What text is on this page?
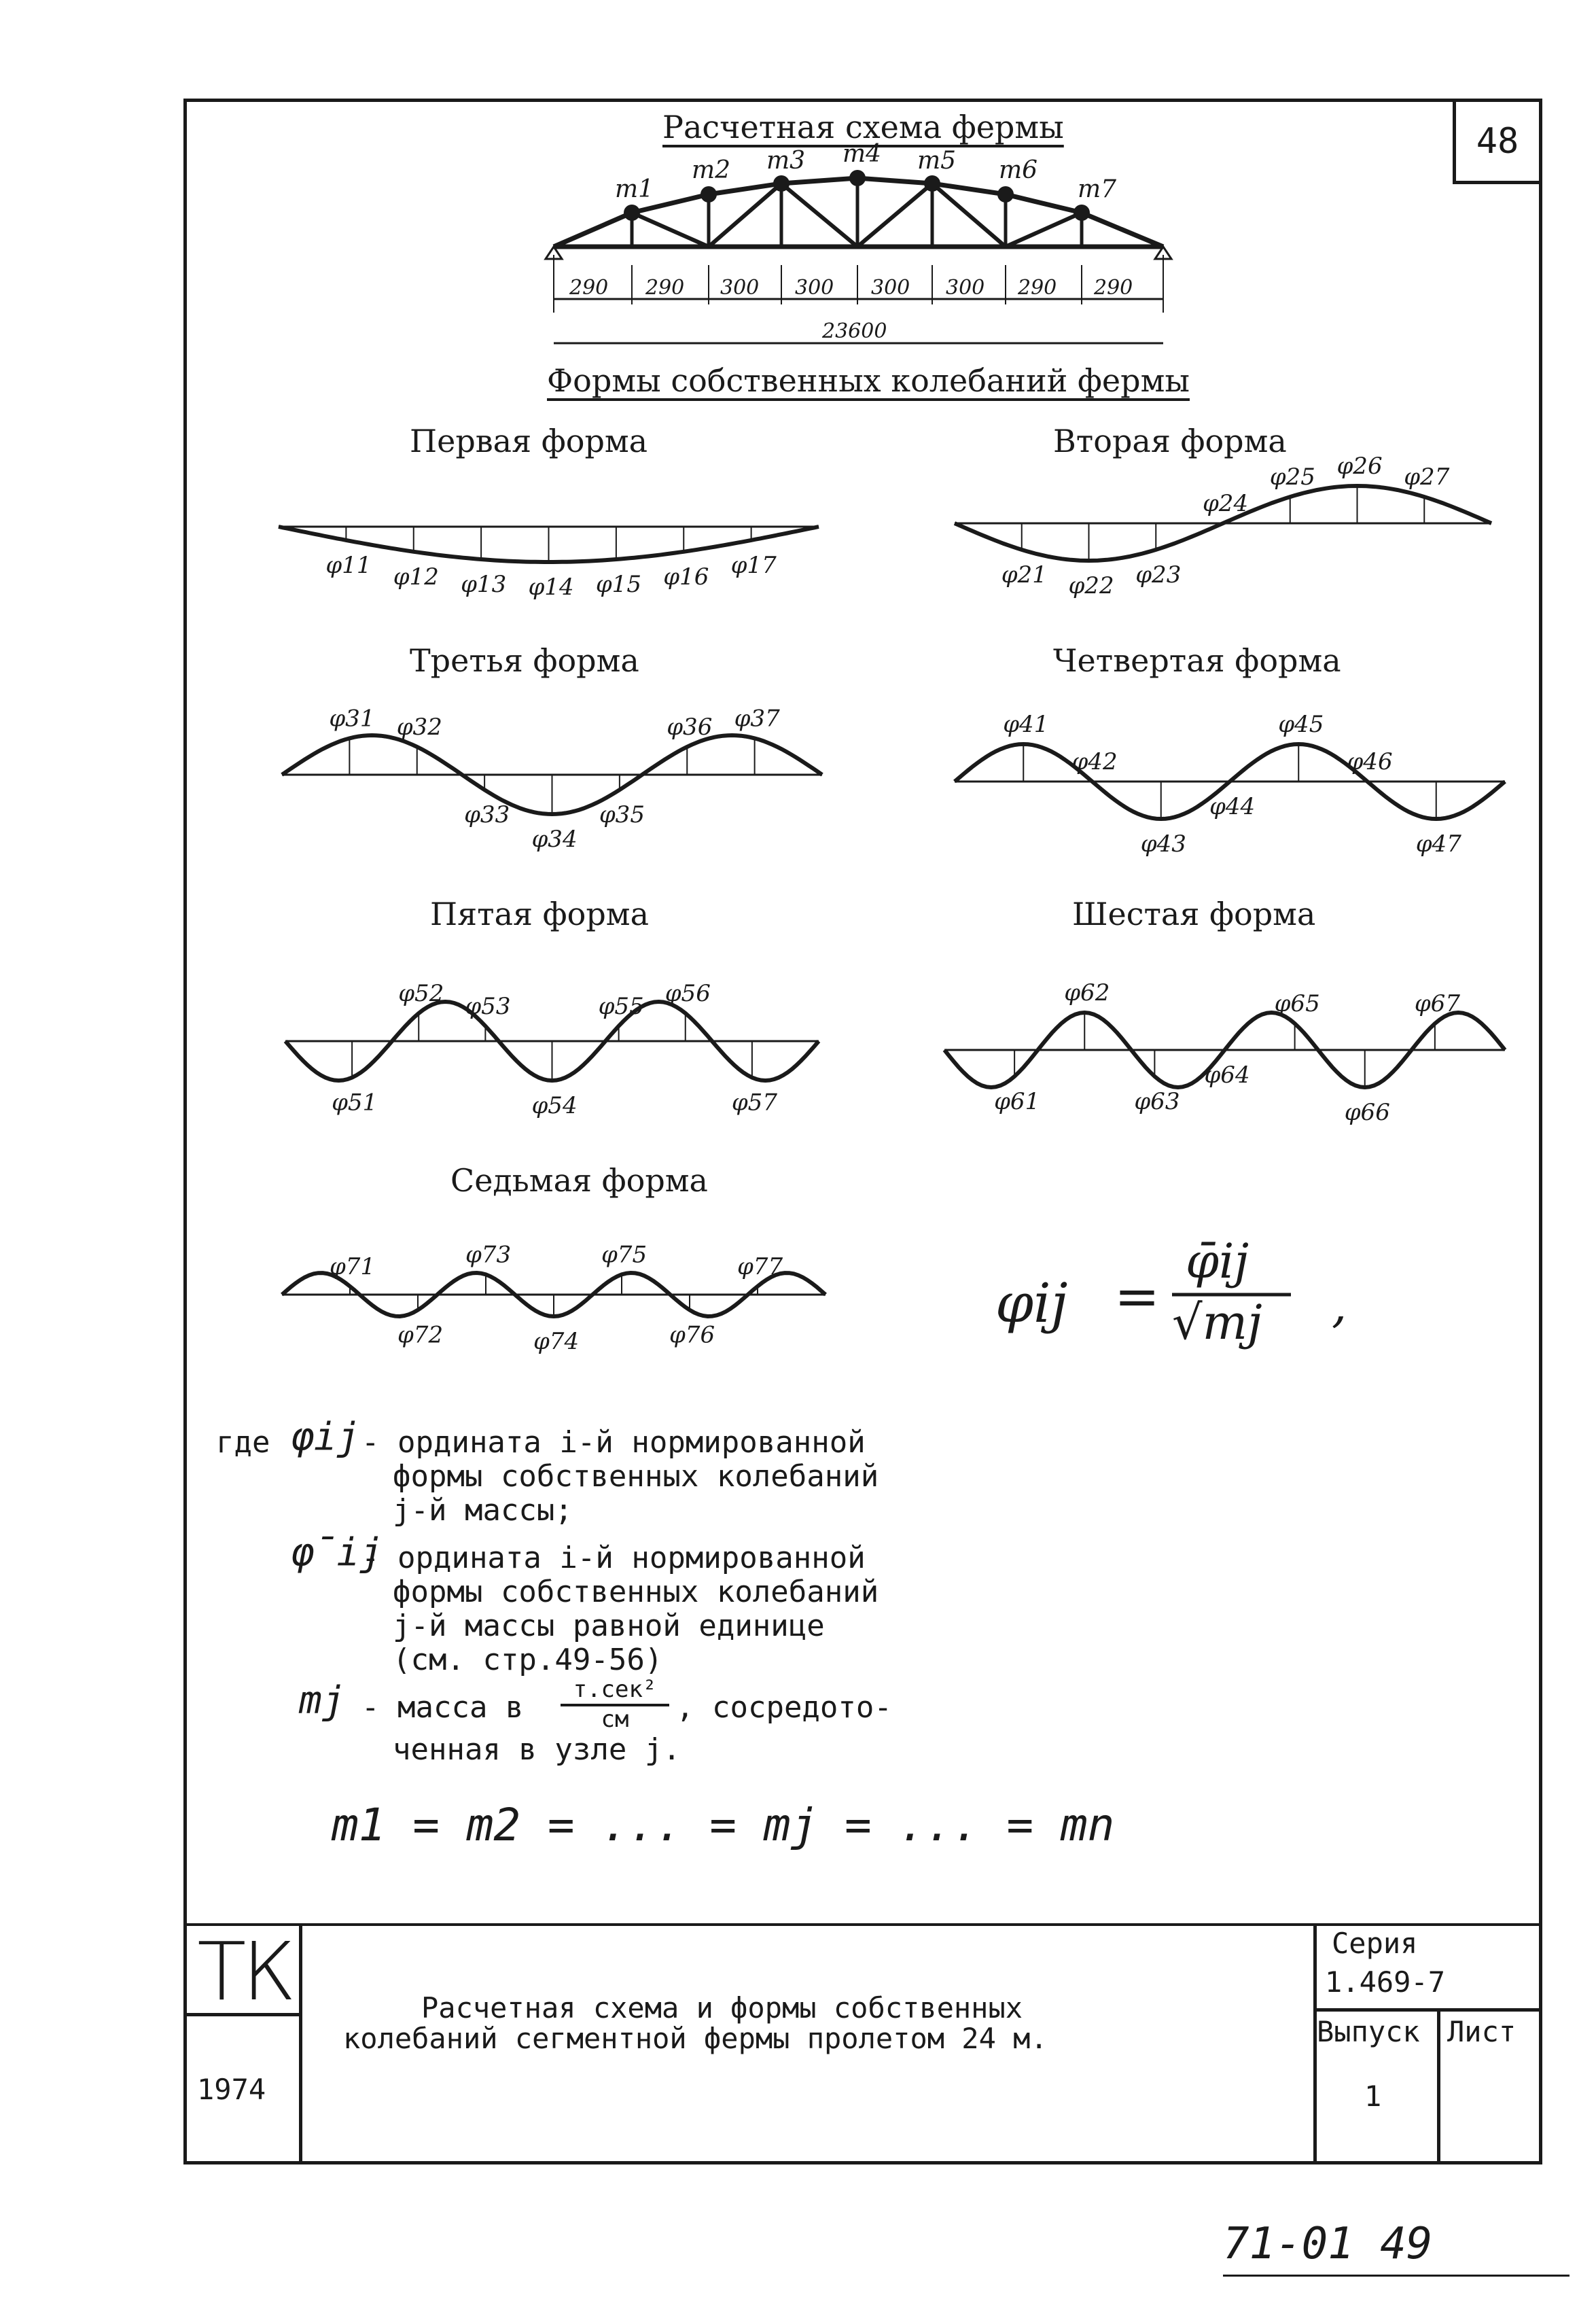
48
Расчетная схема фермы
m1
m2 m3 m4 m5 m6
m7
290 290 300 300 300 300 290 290
23600
φ11 φ12 φ13 φ14 φ15 φ16 φ17	φ21 φ22 φ23
φ24
φ25 φ26 φ27
φ31 φ32
φ33
φ34
φ35
φ36 φ37	φ41
φ42
φ43
φ44
φ45
φ46
φ47
φ51
φ52 φ53
φ54
φ55 φ56
φ57	φ61
φ62
φ63
φ64
φ65
φ66
φ67
φ71
φ72
φ73
φ74
φ75
φ76
φ77
φij =
φ̄ij
√mj ,
Формы собственных колебаний фермы
Первая форма	Вторая форма
Третья форма	Четвертая форма
Пятая форма	Шестая форма
Седьмая форма
где φij - ордината i-й нормированной
формы собственных колебаний
j-й массы;
φ̄ij
- ордината i-й нормированной
формы собственных колебаний
j-й массы равной единице
(см. стр.49-56)
mj - масса в
т.сек²
см	, сосредото-
ченная в узле j.
m1 = m2 = ... = mj = ... = mn
ТК
1974
Расчетная схема и формы собственных
колебаний сегментной фермы пролетом 24 м.
Серия
1.469-7
Выпуск
1
Лист
71-01 49
